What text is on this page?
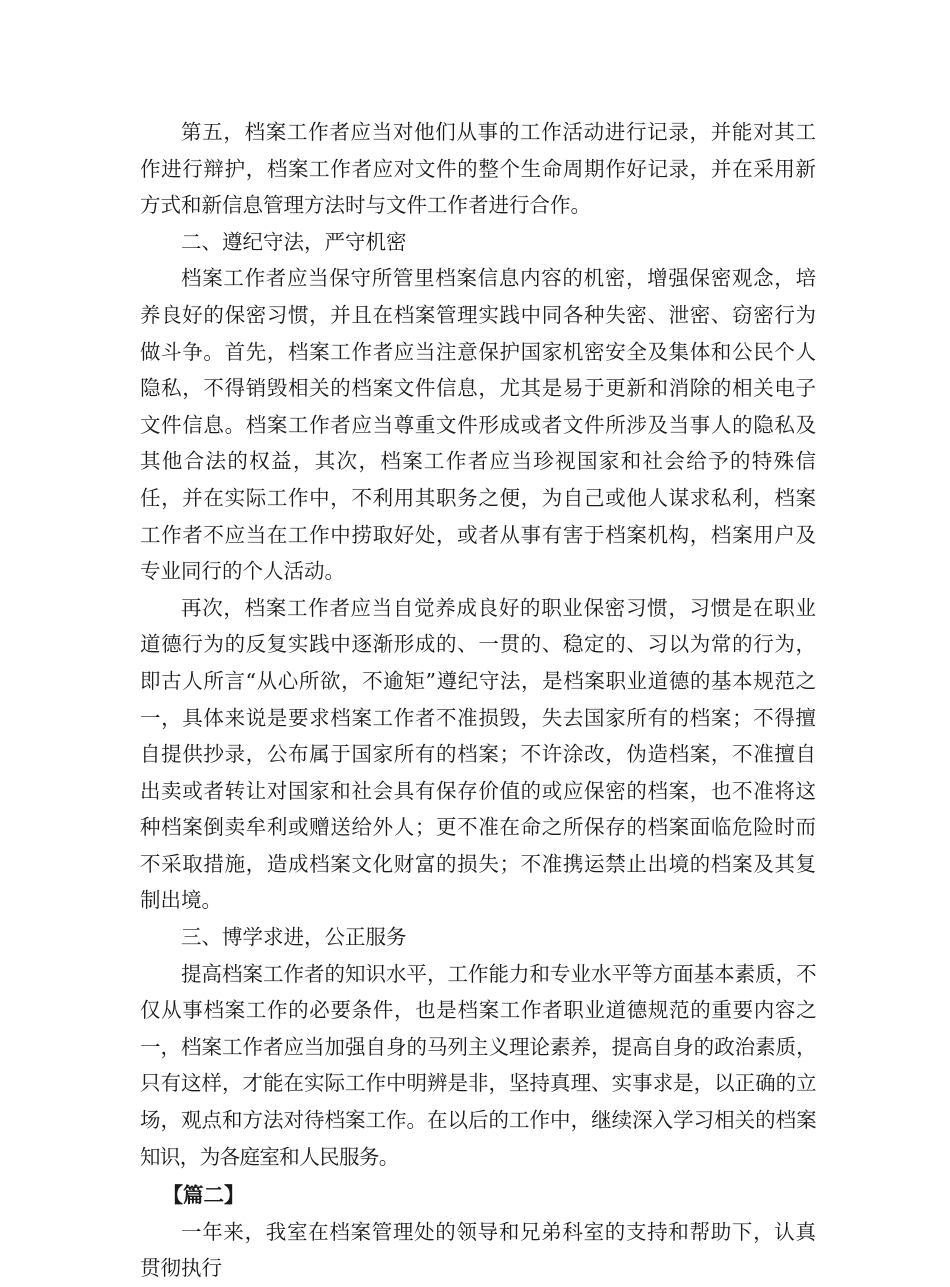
第五，档案工作者应当对他们从事的工作活动进行记录，并能对其工作进行辩护，档案工作者应对文件的整个生命周期作好记录，并在采用新方式和新信息管理方法时与文件工作者进行合作。

二、遵纪守法，严守机密

档案工作者应当保守所管里档案信息内容的机密，增强保密观念，培养良好的保密习惯，并且在档案管理实践中同各种失密、泄密、窃密行为做斗争。首先，档案工作者应当注意保护国家机密安全及集体和公民个人隐私，不得销毁相关的档案文件信息，尤其是易于更新和消除的相关电子文件信息。档案工作者应当尊重文件形成或者文件所涉及当事人的隐私及其他合法的权益，其次，档案工作者应当珍视国家和社会给予的特殊信任，并在实际工作中，不利用其职务之便，为自己或他人谋求私利，档案工作者不应当在工作中捞取好处，或者从事有害于档案机构，档案用户及专业同行的个人活动。

再次，档案工作者应当自觉养成良好的职业保密习惯，习惯是在职业道德行为的反复实践中逐渐形成的、一贯的、稳定的、习以为常的行为，即古人所言“从心所欲，不逾矩”遵纪守法，是档案职业道德的基本规范之一，具体来说是要求档案工作者不准损毁，失去国家所有的档案；不得擅自提供抄录，公布属于国家所有的档案；不许涂改，伪造档案，不准擅自出卖或者转让对国家和社会具有保存价值的或应保密的档案，也不准将这种档案倒卖牟利或赠送给外人；更不准在命之所保存的档案面临危险时而不采取措施，造成档案文化财富的损失；不准携运禁止出境的档案及其复制出境。

三、博学求进，公正服务

提高档案工作者的知识水平，工作能力和专业水平等方面基本素质，不仅从事档案工作的必要条件，也是档案工作者职业道德规范的重要内容之一，档案工作者应当加强自身的马列主义理论素养，提高自身的政治素质，只有这样，才能在实际工作中明辨是非，坚持真理、实事求是，以正确的立场，观点和方法对待档案工作。在以后的工作中，继续深入学习相关的档案知识，为各庭室和人民服务。

【篇二】

一年来，我室在档案管理处的领导和兄弟科室的支持和帮助下，认真贯彻执行
